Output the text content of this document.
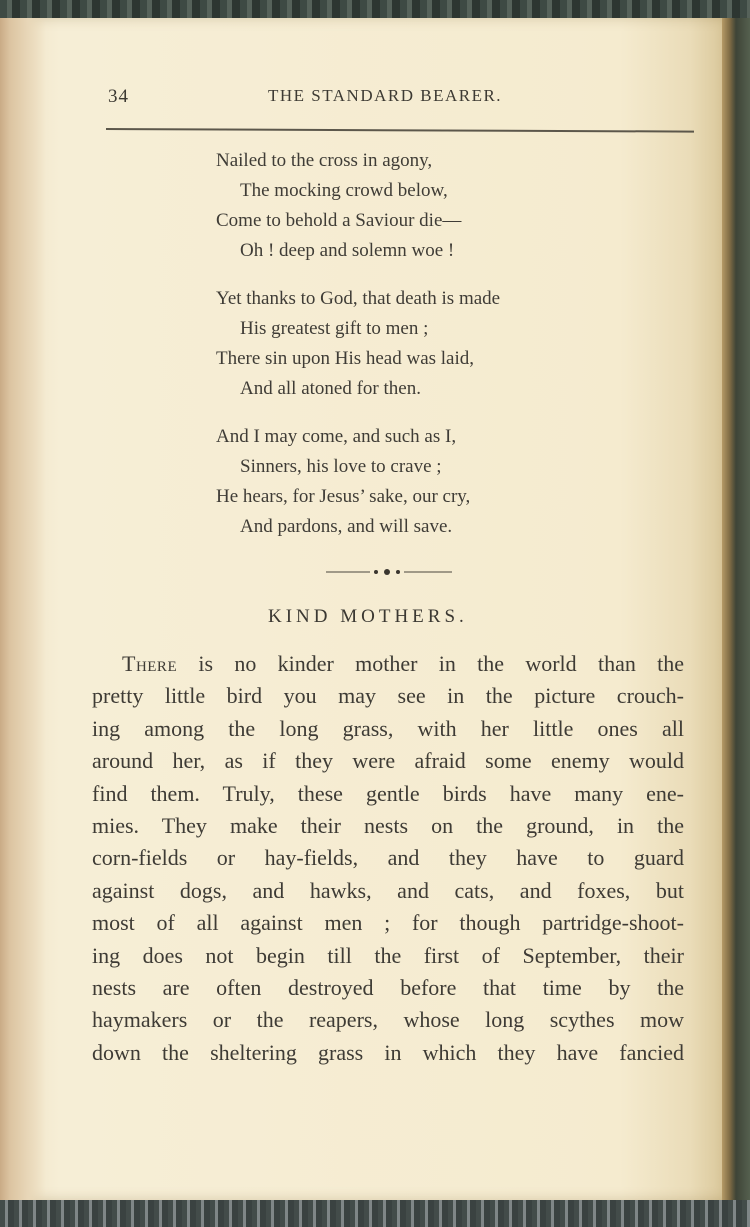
34	THE STANDARD BEARER.
Nailed to the cross in agony,
The mocking crowd below,
Come to behold a Saviour die—
Oh ! deep and solemn woe !
Yet thanks to God, that death is made
His greatest gift to men ;
There sin upon His head was laid,
And all atoned for then.
And I may come, and such as I,
Sinners, his love to crave ;
He hears, for Jesus’ sake, our cry,
And pardons, and will save.
KIND MOTHERS.
There is no kinder mother in the world than the
pretty little bird you may see in the picture crouch-
ing among the long grass, with her little ones all
around her, as if they were afraid some enemy would
find them. Truly, these gentle birds have many ene-
mies. They make their nests on the ground, in the
corn-fields or hay-fields, and they have to guard
against dogs, and hawks, and cats, and foxes, but
most of all against men ; for though partridge-shoot-
ing does not begin till the first of September, their
nests are often destroyed before that time by the
haymakers or the reapers, whose long scythes mow
down the sheltering grass in which they have fancied
